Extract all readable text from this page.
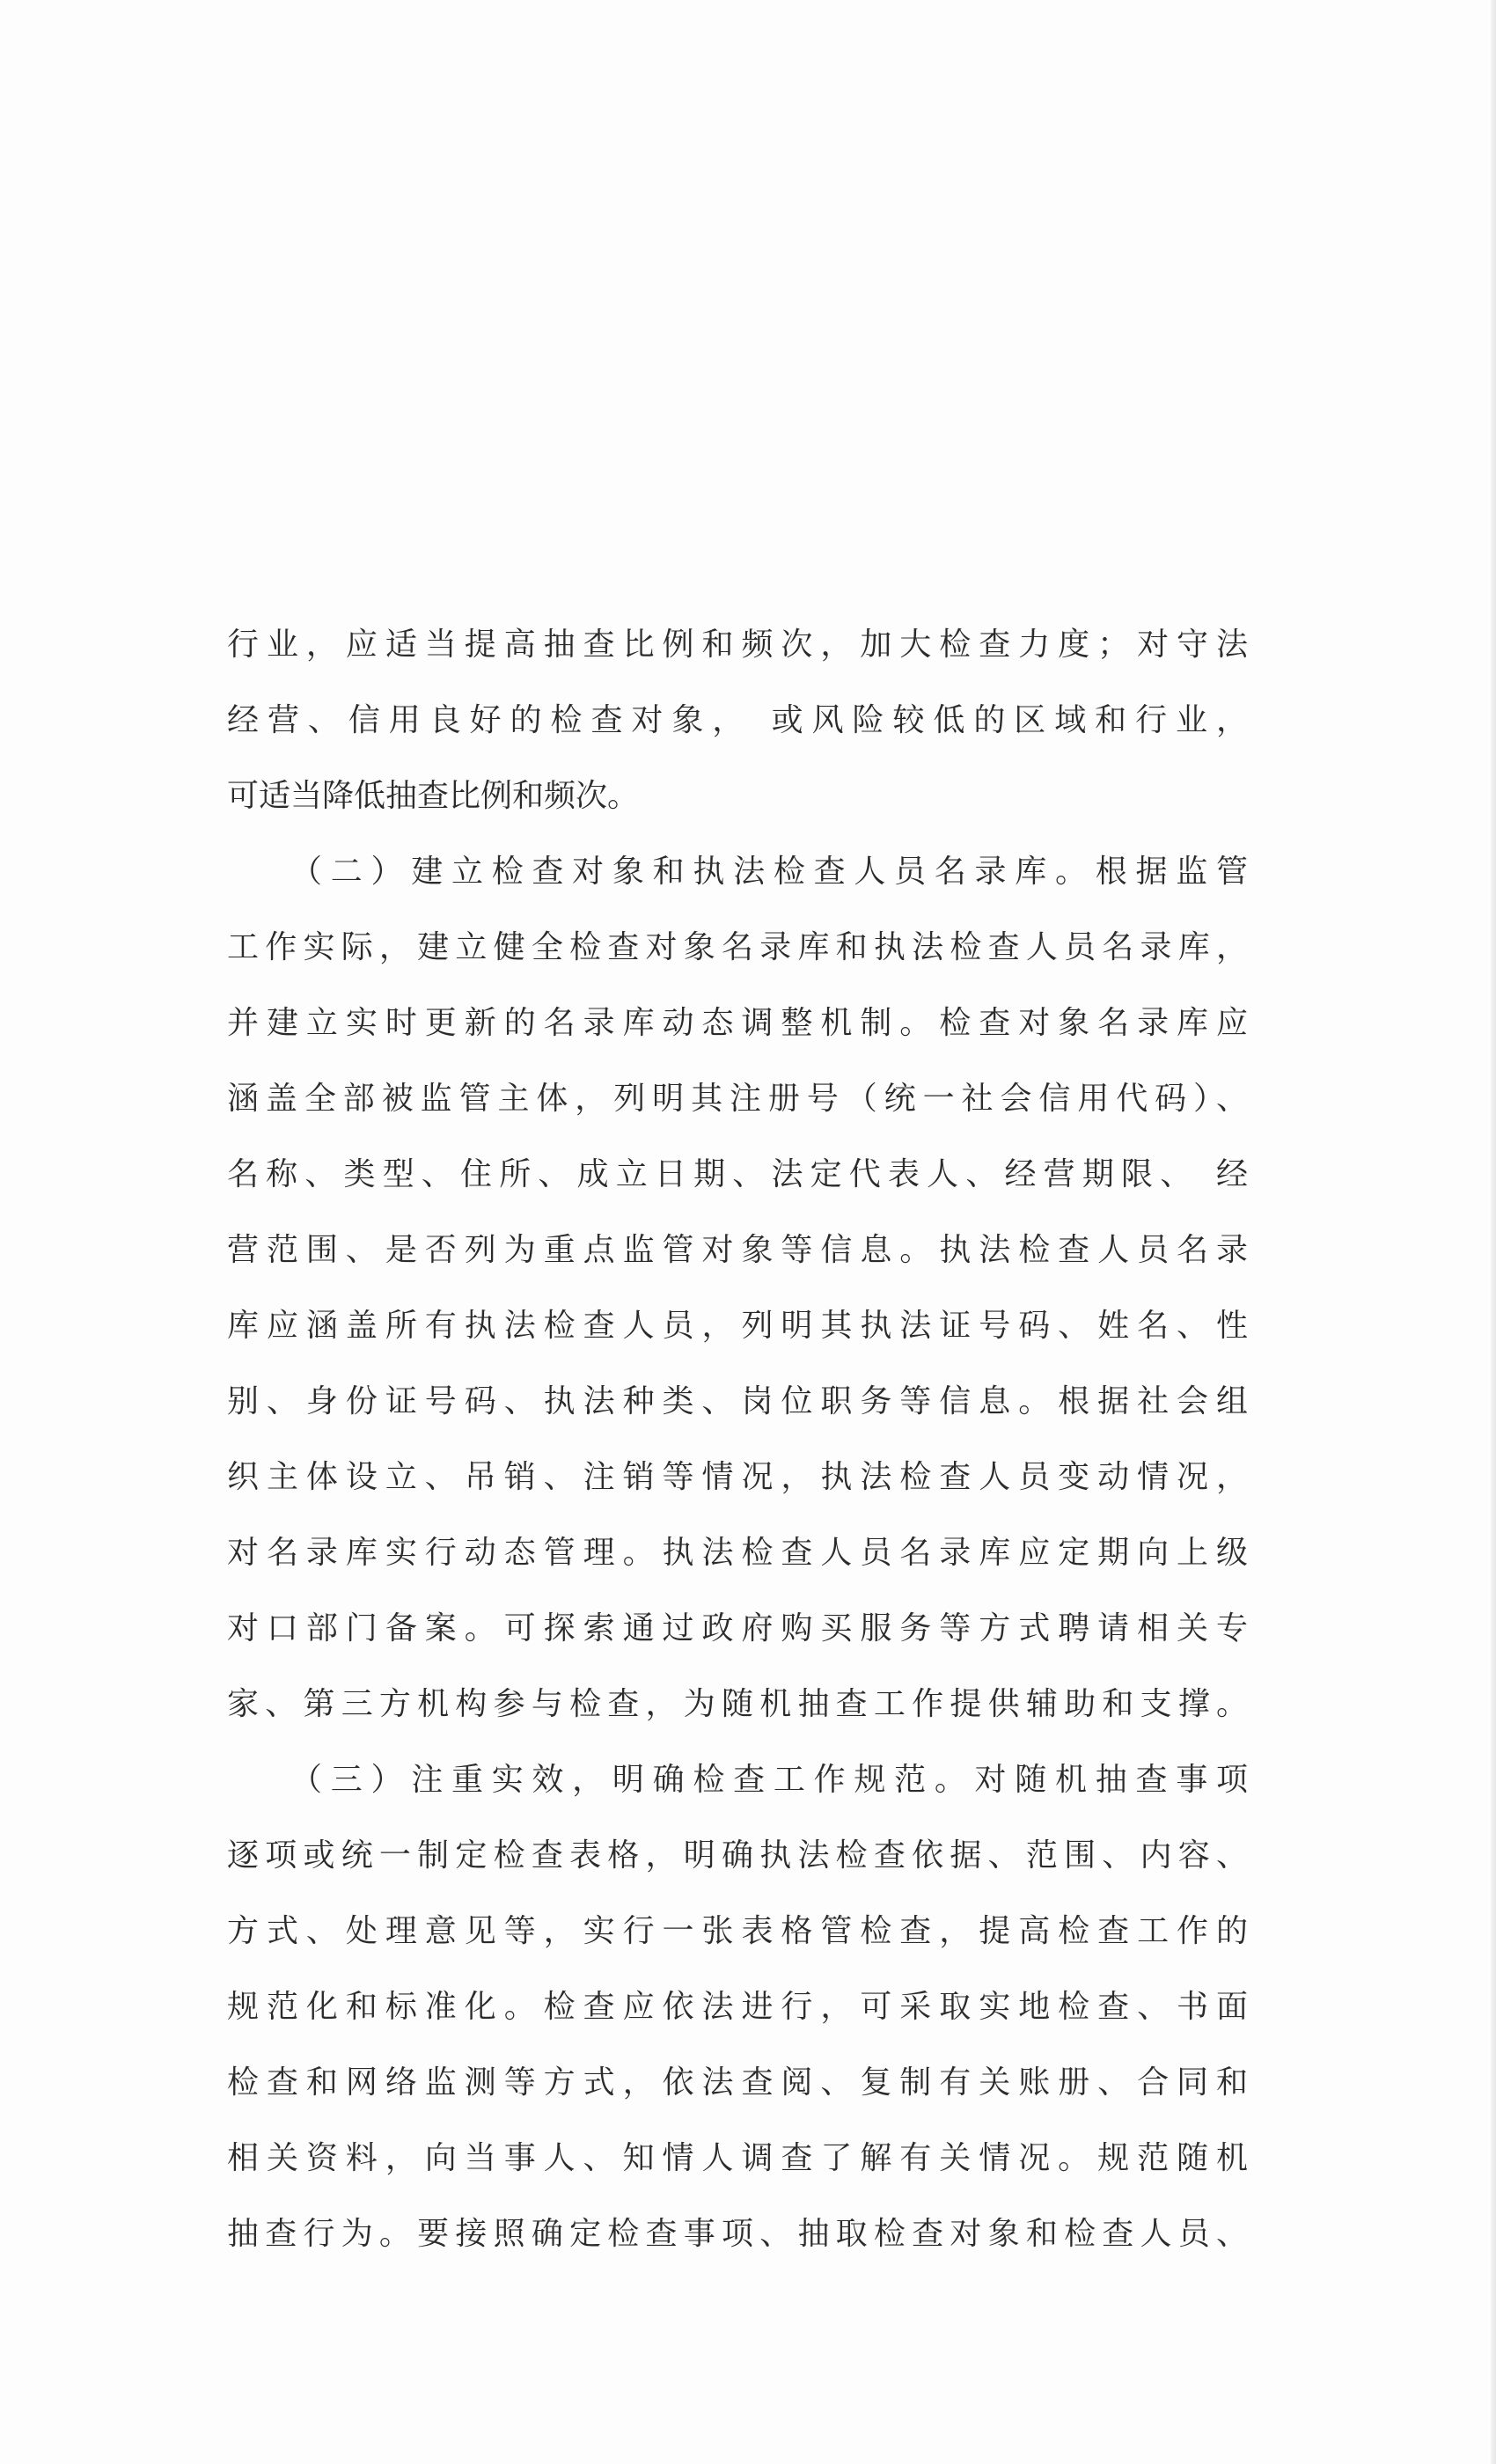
行业，应适当提高抽查比例和频次，加大检查力度；对守法
经营、信用良好的检查对象， 或风险较低的区域和行业，
可适当降低抽查比例和频次。
（二）建立检查对象和执法检查人员名录库。根据监管
工作实际，建立健全检查对象名录库和执法检查人员名录库，
并建立实时更新的名录库动态调整机制。检查对象名录库应
涵盖全部被监管主体，列明其注册号（统一社会信用代码）、
名称、类型、住所、成立日期、法定代表人、经营期限、 经
营范围、是否列为重点监管对象等信息。执法检查人员名录
库应涵盖所有执法检查人员，列明其执法证号码、姓名、性
别、身份证号码、执法种类、岗位职务等信息。根据社会组
织主体设立、吊销、注销等情况，执法检查人员变动情况，
对名录库实行动态管理。执法检查人员名录库应定期向上级
对口部门备案。可探索通过政府购买服务等方式聘请相关专
家、第三方机构参与检查，为随机抽查工作提供辅助和支撑。
（三）注重实效，明确检查工作规范。对随机抽查事项
逐项或统一制定检查表格，明确执法检查依据、范围、内容、
方式、处理意见等，实行一张表格管检查，提高检查工作的
规范化和标准化。检查应依法进行，可采取实地检查、书面
检查和网络监测等方式，依法查阅、复制有关账册、合同和
相关资料，向当事人、知情人调查了解有关情况。规范随机
抽查行为。要接照确定检查事项、抽取检查对象和检查人员、
